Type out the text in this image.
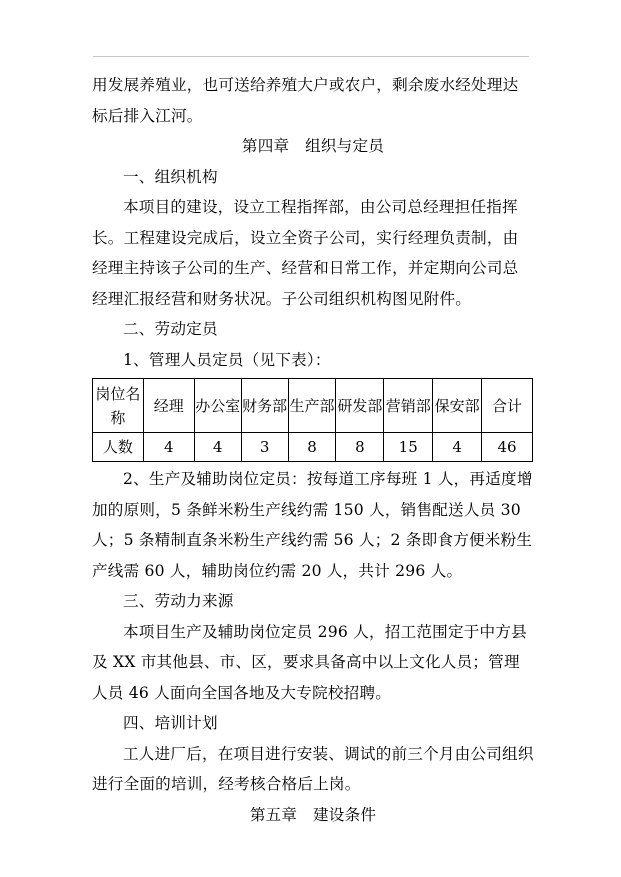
用发展养殖业，也可送给养殖大户或农户，剩余废水经处理达标后排入江河。

第四章　组织与定员

一、组织机构

本项目的建设，设立工程指挥部，由公司总经理担任指挥长。工程建设完成后，设立全资子公司，实行经理负责制，由经理主持该子公司的生产、经营和日常工作，并定期向公司总经理汇报经营和财务状况。子公司组织机构图见附件。

二、劳动定员

1、管理人员定员（见下表）：

岗位名称	经理	办公室	财务部	生产部	研发部	营销部	保安部	合计
人数	4	4	3	8	8	15	4	46

2、生产及辅助岗位定员：按每道工序每班 1 人，再适度增加的原则，5 条鲜米粉生产线约需 150 人，销售配送人员 30 人；5 条精制直条米粉生产线约需 56 人；2 条即食方便米粉生产线需 60 人，辅助岗位约需 20 人，共计 296 人。

三、劳动力来源

本项目生产及辅助岗位定员 296 人，招工范围定于中方县及 XX 市其他县、市、区，要求具备高中以上文化人员；管理人员 46 人面向全国各地及大专院校招聘。

四、培训计划

工人进厂后，在项目进行安装、调试的前三个月由公司组织进行全面的培训，经考核合格后上岗。

第五章　建设条件
